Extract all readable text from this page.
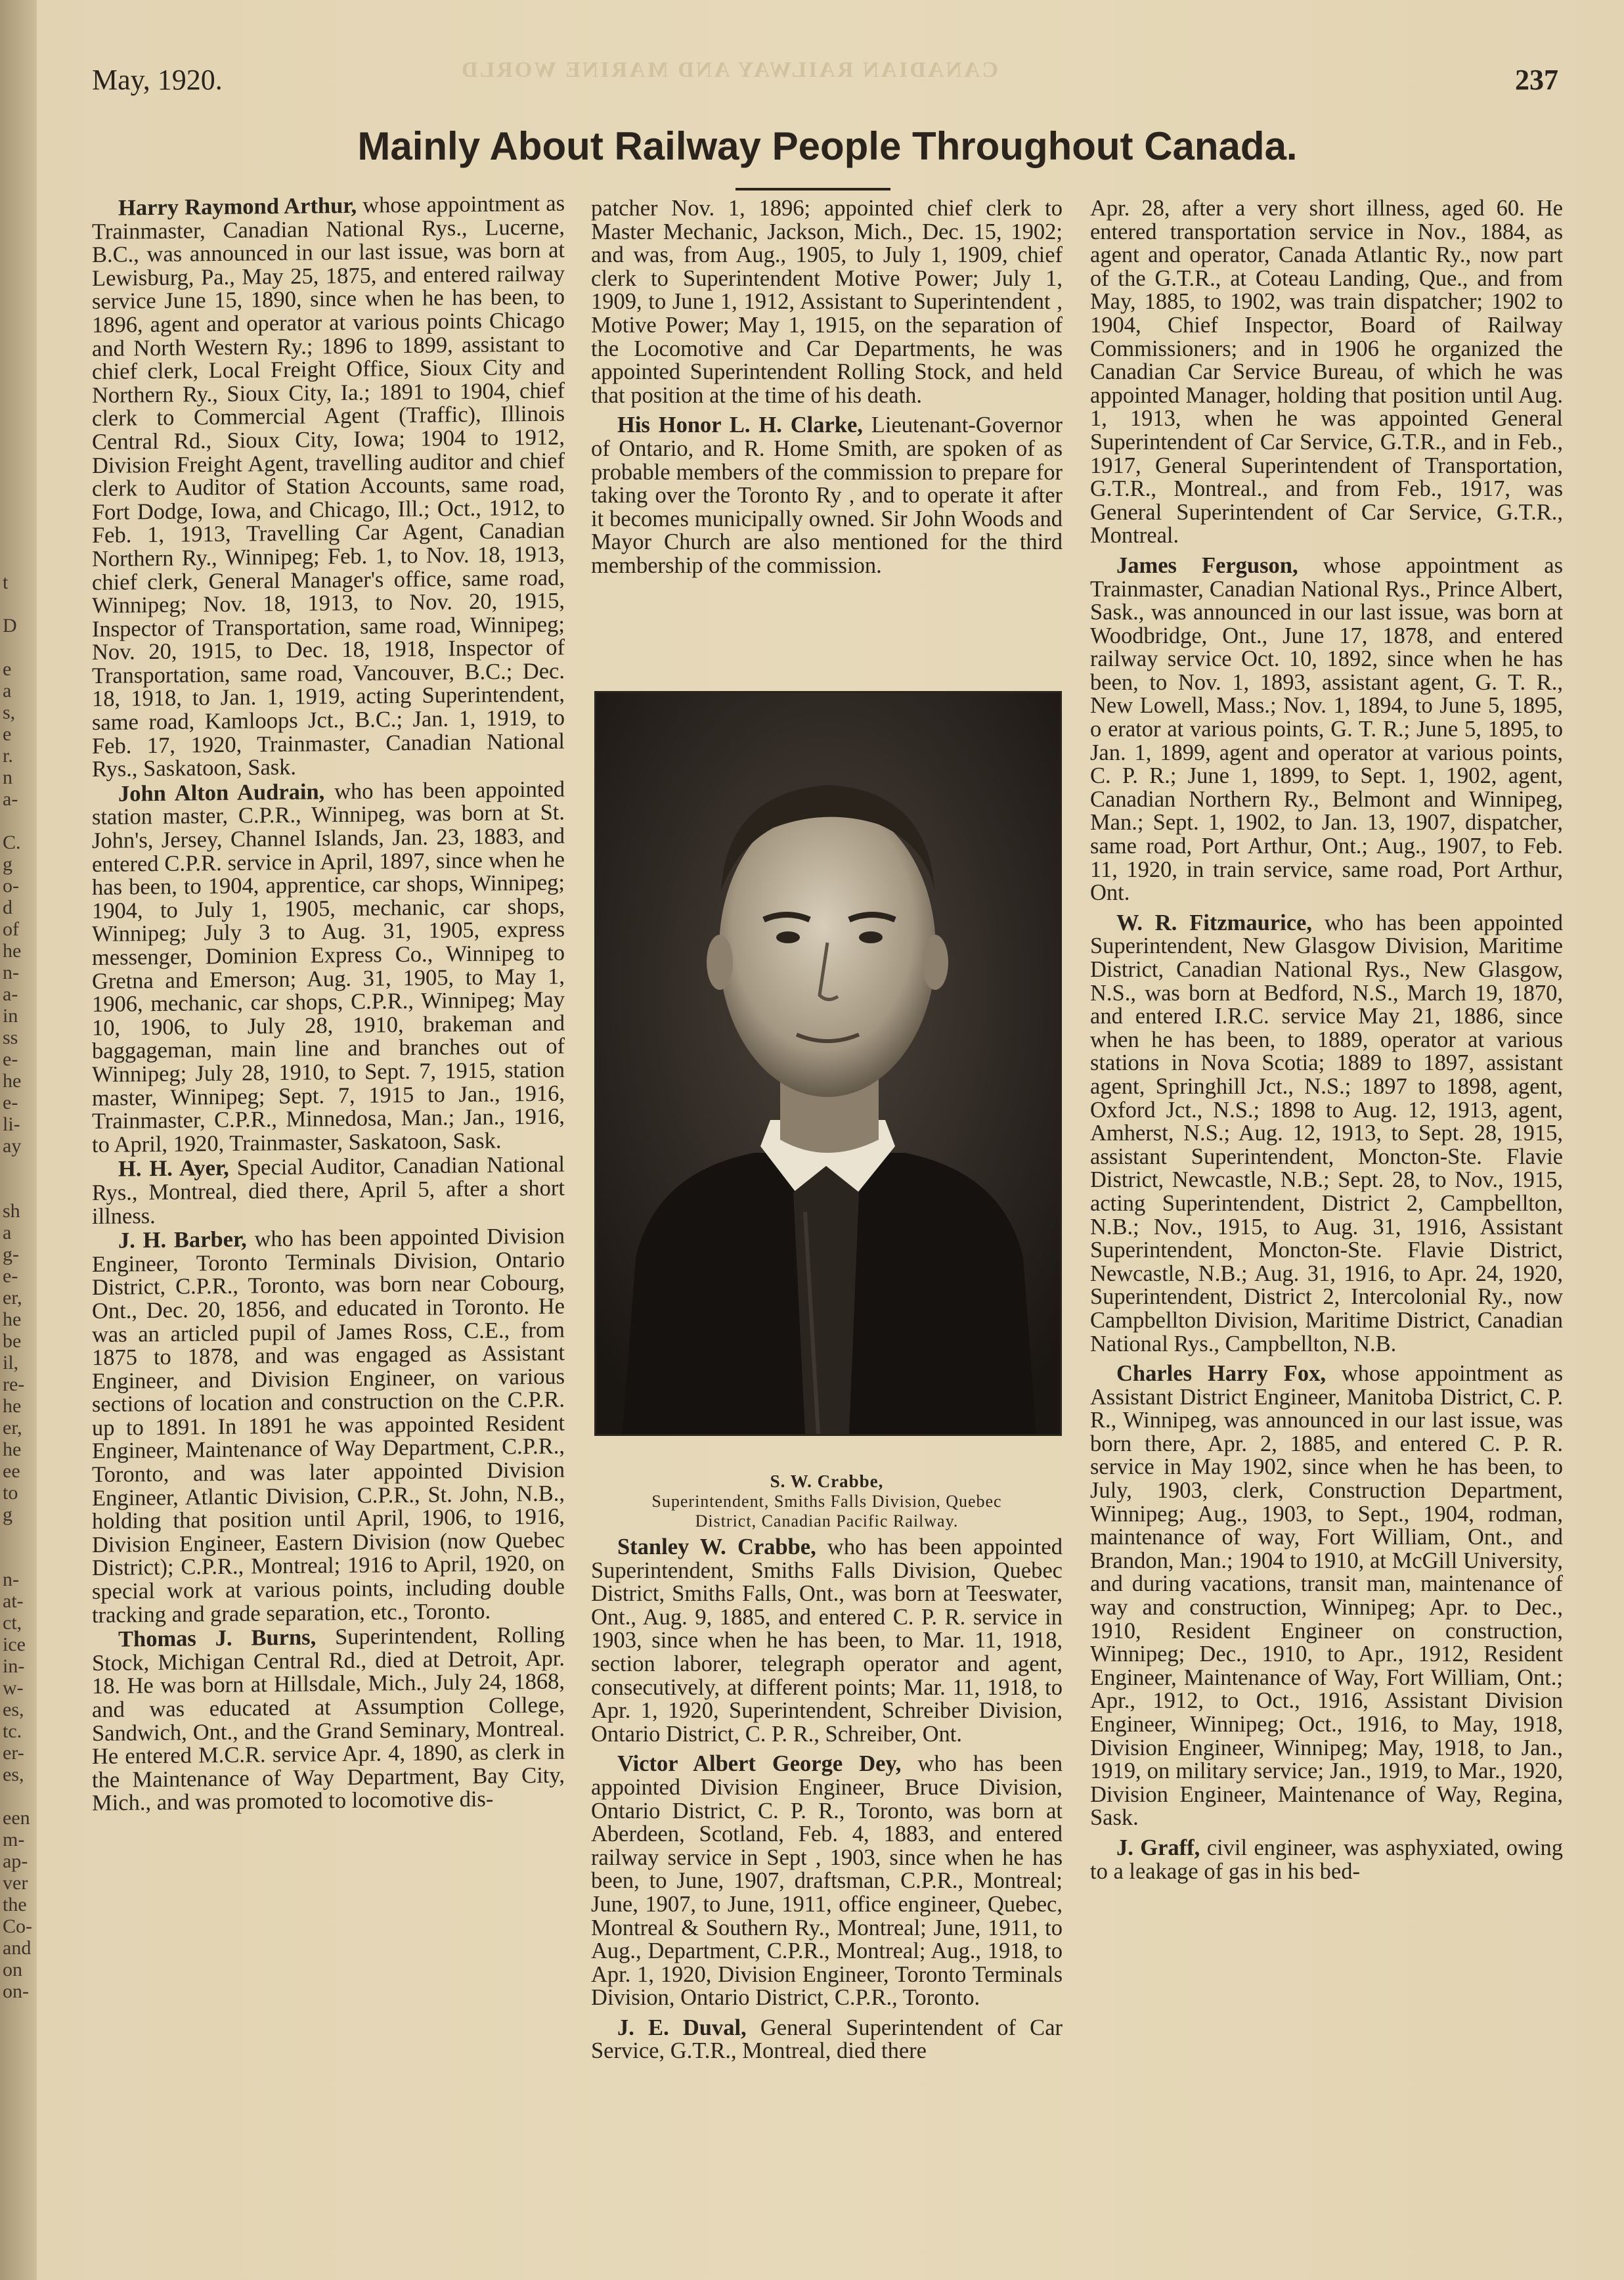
t

D

e
a
s,
e
r.
n
a-

C.
g
o-
d
of
he
n-
a-
in
ss
e-
he
e-
li-
ay

sh
a
g-
e-
er,
he
be
il,
re-
he
er,
he
ee
to
g

n-
at-
ct,
ice
in-
w-
es,
tc.
er-
es,

een
m-
ap-
ver
the
Co-
and
on
on-
CANADIAN RAILWAY AND MARINE WORLD
May, 1920.	237
Mainly About Railway People Throughout Canada.

Harry Raymond Arthur, whose appointment as Trainmaster, Canadian National Rys., Lucerne, B.C., was announced in our last issue, was born at Lewisburg, Pa., May 25, 1875, and entered railway service June 15, 1890, since when he has been, to 1896, agent and operator at various points Chicago and North Western Ry.; 1896 to 1899, assistant to chief clerk, Local Freight Office, Sioux City and Northern Ry., Sioux City, Ia.; 1891 to 1904, chief clerk to Commercial Agent (Traffic), Illinois Central Rd., Sioux City, Iowa; 1904 to 1912, Division Freight Agent, travelling auditor and chief clerk to Auditor of Station Accounts, same road, Fort Dodge, Iowa, and Chicago, Ill.; Oct., 1912, to Feb. 1, 1913, Travelling Car Agent, Canadian Northern Ry., Winnipeg; Feb. 1, to Nov. 18, 1913, chief clerk, General Manager's office, same road, Winnipeg; Nov. 18, 1913, to Nov. 20, 1915, Inspector of Transportation, same road, Winnipeg; Nov. 20, 1915, to Dec. 18, 1918, Inspector of Transportation, same road, Vancouver, B.C.; Dec. 18, 1918, to Jan. 1, 1919, acting Superintendent, same road, Kamloops Jct., B.C.; Jan. 1, 1919, to Feb. 17, 1920, Trainmaster, Canadian National Rys., Saskatoon, Sask.

John Alton Audrain, who has been appointed station master, C.P.R., Winnipeg, was born at St. John's, Jersey, Channel Islands, Jan. 23, 1883, and entered C.P.R. service in April, 1897, since when he has been, to 1904, apprentice, car shops, Winnipeg; 1904, to July 1, 1905, mechanic, car shops, Winnipeg; July 3 to Aug. 31, 1905, express messenger, Dominion Express Co., Winnipeg to Gretna and Emerson; Aug. 31, 1905, to May 1, 1906, mechanic, car shops, C.P.R., Winnipeg; May 10, 1906, to July 28, 1910, brakeman and baggageman, main line and branches out of Winnipeg; July 28, 1910, to Sept. 7, 1915, station master, Winnipeg; Sept. 7, 1915 to Jan., 1916, Trainmaster, C.P.R., Minnedosa, Man.; Jan., 1916, to April, 1920, Trainmaster, Saskatoon, Sask.

H. H. Ayer, Special Auditor, Canadian National Rys., Montreal, died there, April 5, after a short illness.

J. H. Barber, who has been appointed Division Engineer, Toronto Terminals Division, Ontario District, C.P.R., Toronto, was born near Cobourg, Ont., Dec. 20, 1856, and educated in Toronto. He was an articled pupil of James Ross, C.E., from 1875 to 1878, and was engaged as Assistant Engineer, and Division Engineer, on various sections of location and construction on the C.P.R. up to 1891. In 1891 he was appointed Resident Engineer, Maintenance of Way Department, C.P.R., Toronto, and was later appointed Division Engineer, Atlantic Division, C.P.R., St. John, N.B., holding that position until April, 1906, to 1916, Division Engineer, Eastern Division (now Quebec District); C.P.R., Montreal; 1916 to April, 1920, on special work at various points, including double tracking and grade separation, etc., Toronto.

Thomas J. Burns, Superintendent, Rolling Stock, Michigan Central Rd., died at Detroit, Apr. 18. He was born at Hillsdale, Mich., July 24, 1868, and was educated at Assumption College, Sandwich, Ont., and the Grand Seminary, Montreal. He entered M.C.R. service Apr. 4, 1890, as clerk in the Maintenance of Way Department, Bay City, Mich., and was promoted to locomotive dis-

patcher Nov. 1, 1896; appointed chief clerk to Master Mechanic, Jackson, Mich., Dec. 15, 1902; and was, from Aug., 1905, to July 1, 1909, chief clerk to Superintendent Motive Power; July 1, 1909, to June 1, 1912, Assistant to Superintendent , Motive Power; May 1, 1915, on the separation of the Locomotive and Car Departments, he was appointed Superintendent Rolling Stock, and held that position at the time of his death.

His Honor L. H. Clarke, Lieutenant-Governor of Ontario, and R. Home Smith, are spoken of as probable members of the commission to prepare for taking over the Toronto Ry , and to operate it after it becomes municipally owned. Sir John Woods and Mayor Church are also mentioned for the third membership of the commission.

S. W. Crabbe,
Superintendent, Smiths Falls Division, Quebec
District, Canadian Pacific Railway.

Stanley W. Crabbe, who has been appointed Superintendent, Smiths Falls Division, Quebec District, Smiths Falls, Ont., was born at Teeswater, Ont., Aug. 9, 1885, and entered C. P. R. service in 1903, since when he has been, to Mar. 11, 1918, section laborer, telegraph operator and agent, consecutively, at different points; Mar. 11, 1918, to Apr. 1, 1920, Superintendent, Schreiber Division, Ontario District, C. P. R., Schreiber, Ont.

Victor Albert George Dey, who has been appointed Division Engineer, Bruce Division, Ontario District, C. P. R., Toronto, was born at Aberdeen, Scotland, Feb. 4, 1883, and entered railway service in Sept , 1903, since when he has been, to June, 1907, draftsman, C.P.R., Montreal; June, 1907, to June, 1911, office engineer, Quebec, Montreal & Southern Ry., Montreal; June, 1911, to Aug., Department, C.P.R., Montreal; Aug., 1918, to Apr. 1, 1920, Division Engineer, Toronto Terminals Division, Ontario District, C.P.R., Toronto.

J. E. Duval, General Superintendent of Car Service, G.T.R., Montreal, died there

Apr. 28, after a very short illness, aged 60. He entered transportation service in Nov., 1884, as agent and operator, Canada Atlantic Ry., now part of the G.T.R., at Coteau Landing, Que., and from May, 1885, to 1902, was train dispatcher; 1902 to 1904, Chief Inspector, Board of Railway Commissioners; and in 1906 he organized the Canadian Car Service Bureau, of which he was appointed Manager, holding that position until Aug. 1, 1913, when he was appointed General Superintendent of Car Service, G.T.R., and in Feb., 1917, General Superintendent of Transportation, G.T.R., Montreal., and from Feb., 1917, was General Superintendent of Car Service, G.T.R., Montreal.

James Ferguson, whose appointment as Trainmaster, Canadian National Rys., Prince Albert, Sask., was announced in our last issue, was born at Woodbridge, Ont., June 17, 1878, and entered railway service Oct. 10, 1892, since when he has been, to Nov. 1, 1893, assistant agent, G. T. R., New Lowell, Mass.; Nov. 1, 1894, to June 5, 1895, o erator at various points, G. T. R.; June 5, 1895, to Jan. 1, 1899, agent and operator at various points, C. P. R.; June 1, 1899, to Sept. 1, 1902, agent, Canadian Northern Ry., Belmont and Winnipeg, Man.; Sept. 1, 1902, to Jan. 13, 1907, dispatcher, same road, Port Arthur, Ont.; Aug., 1907, to Feb. 11, 1920, in train service, same road, Port Arthur, Ont.

W. R. Fitzmaurice, who has been appointed Superintendent, New Glasgow Division, Maritime District, Canadian National Rys., New Glasgow, N.S., was born at Bedford, N.S., March 19, 1870, and entered I.R.C. service May 21, 1886, since when he has been, to 1889, operator at various stations in Nova Scotia; 1889 to 1897, assistant agent, Springhill Jct., N.S.; 1897 to 1898, agent, Oxford Jct., N.S.; 1898 to Aug. 12, 1913, agent, Amherst, N.S.; Aug. 12, 1913, to Sept. 28, 1915, assistant Superintendent, Moncton-Ste. Flavie District, Newcastle, N.B.; Sept. 28, to Nov., 1915, acting Superintendent, District 2, Campbellton, N.B.; Nov., 1915, to Aug. 31, 1916, Assistant Superintendent, Moncton-Ste. Flavie District, Newcastle, N.B.; Aug. 31, 1916, to Apr. 24, 1920, Superintendent, District 2, Intercolonial Ry., now Campbellton Division, Maritime District, Canadian National Rys., Campbellton, N.B.

Charles Harry Fox, whose appointment as Assistant District Engineer, Manitoba District, C. P. R., Winnipeg, was announced in our last issue, was born there, Apr. 2, 1885, and entered C. P. R. service in May 1902, since when he has been, to July, 1903, clerk, Construction Department, Winnipeg; Aug., 1903, to Sept., 1904, rodman, maintenance of way, Fort William, Ont., and Brandon, Man.; 1904 to 1910, at McGill University, and during vacations, transit man, maintenance of way and construction, Winnipeg; Apr. to Dec., 1910, Resident Engineer on construction, Winnipeg; Dec., 1910, to Apr., 1912, Resident Engineer, Maintenance of Way, Fort William, Ont.; Apr., 1912, to Oct., 1916, Assistant Division Engineer, Winnipeg; Oct., 1916, to May, 1918, Division Engineer, Winnipeg; May, 1918, to Jan., 1919, on military service; Jan., 1919, to Mar., 1920, Division Engineer, Maintenance of Way, Regina, Sask.

J. Graff, civil engineer, was asphyxiated, owing to a leakage of gas in his bed-
